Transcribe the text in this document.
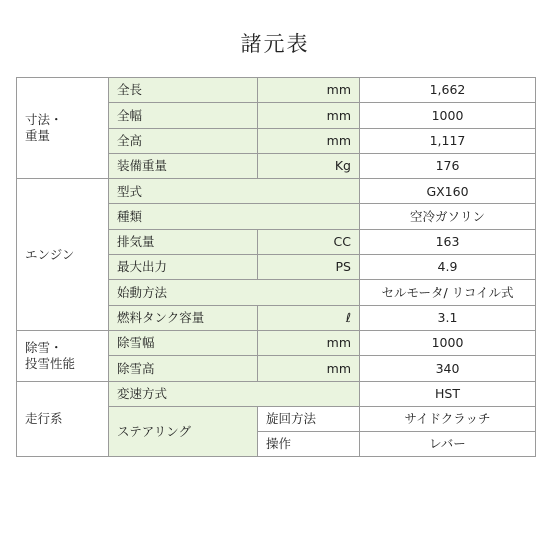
諸元表
寸法・
重量	全長	mm	1,662
	全幅	mm	1000
	全高	mm	1,117
	装備重量	Kg	176

エンジン	型式		GX160
	種類		空冷ガソリン
	排気量	CC	163
	最大出力	PS	4.9
	始動方法		セルモータ/ リコイル式
	燃料タンク容量	ℓ	3.1

除雪・
投雪性能	除雪幅	mm	1000
	除雪高	mm	340

走行系	変速方式		HST
	ステアリング	旋回方法	サイドクラッチ
		操作	レバー
